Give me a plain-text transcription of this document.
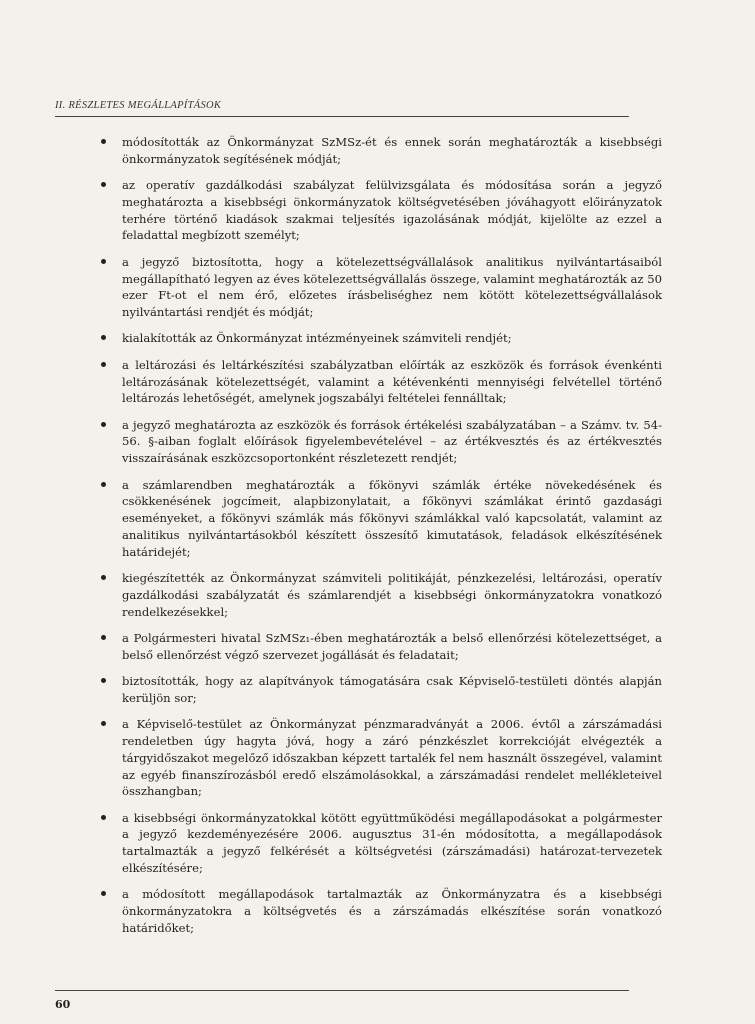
II. RÉSZLETES MEGÁLLAPÍTÁSOK
módosították az Önkormányzat SzMSz-ét és ennek során meghatározták a kisebbségi önkormányzatok segítésének módját;
az operatív gazdálkodási szabályzat felülvizsgálata és módosítása során a jegyző meghatározta a kisebbségi önkormányzatok költségvetésében jóváhagyott előirányzatok terhére történő kiadások szakmai teljesítés igazolásának módját, kijelölte az ezzel a feladattal megbízott személyt;
a jegyző biztosította, hogy a kötelezettségvállalások analitikus nyilvántartásaiból megállapítható legyen az éves kötelezettségvállalás összege, valamint meghatározták az 50 ezer Ft-ot el nem érő, előzetes írásbeliséghez nem kötött kötelezettségvállalások nyilvántartási rendjét és módját;
kialakították az Önkormányzat intézményeinek számviteli rendjét;
a leltározási és leltárkészítési szabályzatban előírták az eszközök és források évenkénti leltározásának kötelezettségét, valamint a kétévenkénti mennyiségi felvétellel történő leltározás lehetőségét, amelynek jogszabályi feltételei fennálltak;
a jegyző meghatározta az eszközök és források értékelési szabályzatában – a Számv. tv. 54-56. §-aiban foglalt előírások figyelembevételével – az értékvesztés és az értékvesztés visszaírásának eszközcsoportonként részletezett rendjét;
a számlarendben meghatározták a főkönyvi számlák értéke növekedésének és csökkenésének jogcímeit, alapbizonylatait, a főkönyvi számlákat érintő gazdasági eseményeket, a főkönyvi számlák más főkönyvi számlákkal való kapcsolatát, valamint az analitikus nyilvántartásokból készített összesítő kimutatások, feladások elkészítésének határidejét;
kiegészítették az Önkormányzat számviteli politikáját, pénzkezelési, leltározási, operatív gazdálkodási szabályzatát és számlarendjét a kisebbségi önkormányzatokra vonatkozó rendelkezésekkel;
a Polgármesteri hivatal SzMSz₁-ében meghatározták a belső ellenőrzési kötelezettséget, a belső ellenőrzést végző szervezet jogállását és feladatait;
biztosították, hogy az alapítványok támogatására csak Képviselő-testületi döntés alapján kerüljön sor;
a Képviselő-testület az Önkormányzat pénzmaradványát a 2006. évtől a zárszámadási rendeletben úgy hagyta jóvá, hogy a záró pénzkészlet korrekcióját elvégezték a tárgyidőszakot megelőző időszakban képzett tartalék fel nem használt összegével, valamint az egyéb finanszírozásból eredő elszámolásokkal, a zárszámadási rendelet mellékleteivel összhangban;
a kisebbségi önkormányzatokkal kötött együttműködési megállapodásokat a polgármester a jegyző kezdeményezésére 2006. augusztus 31-én módosította, a megállapodások tartalmazták a jegyző felkérését a költségvetési (zárszámadási) határozat-tervezetek elkészítésére;
a módosított megállapodások tartalmazták az Önkormányzatra és a kisebbségi önkormányzatokra a költségvetés és a zárszámadás elkészítése során vonatkozó határidőket;
60
